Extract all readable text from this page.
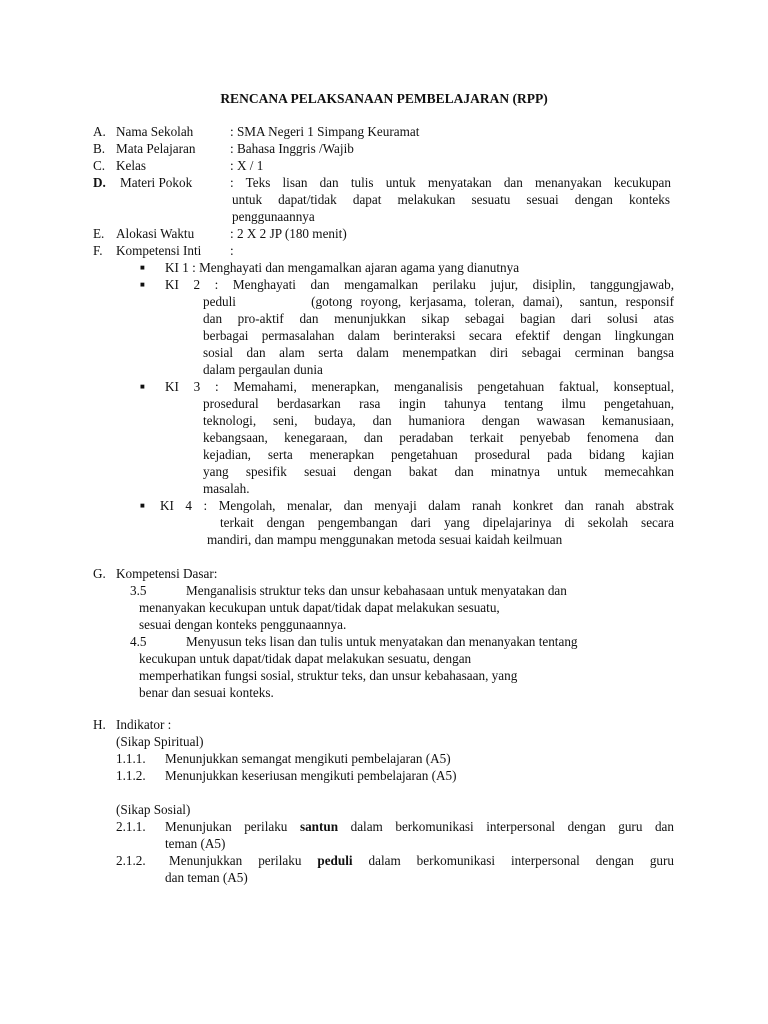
RENCANA PELAKSANAAN PEMBELAJARAN (RPP)
A. Nama Sekolah	: SMA Negeri 1 Simpang Keuramat
B. Mata Pelajaran	: Bahasa Inggris /Wajib
C. Kelas	: X / 1
D. Materi Pokok	: Teks lisan dan tulis untuk menyatakan dan menanyakan kecukupan
untuk dapat/tidak dapat melakukan sesuatu sesuai dengan konteks
penggunaannya
E. Alokasi Waktu	: 2 X 2 JP (180 menit)
F. Kompetensi Inti :
■ KI 1 : Menghayati dan mengamalkan ajaran agama yang dianutnya
■ KI 2 : Menghayati dan mengamalkan perilaku jujur, disiplin, tanggungjawab,
peduli         (gotong royong, kerjasama, toleran, damai),  santun, responsif
dan pro-aktif dan menunjukkan sikap sebagai bagian dari solusi atas
berbagai permasalahan dalam berinteraksi secara efektif dengan lingkungan
sosial dan alam serta dalam menempatkan diri sebagai cerminan bangsa
dalam pergaulan dunia
■ KI 3 : Memahami, menerapkan, menganalisis pengetahuan faktual, konseptual,
prosedural berdasarkan rasa ingin tahunya tentang ilmu pengetahuan,
teknologi, seni, budaya, dan humaniora dengan wawasan kemanusiaan,
kebangsaan, kenegaraan, dan peradaban terkait penyebab fenomena dan
kejadian, serta menerapkan pengetahuan prosedural pada bidang kajian
yang spesifik sesuai dengan bakat dan minatnya untuk memecahkan
masalah.
■ KI 4 : Mengolah, menalar, dan menyaji dalam ranah konkret dan ranah abstrak
terkait dengan pengembangan dari yang dipelajarinya di sekolah secara
mandiri, dan mampu menggunakan metoda sesuai kaidah keilmuan
G. Kompetensi Dasar:
3.5	Menganalisis struktur teks dan unsur kebahasaan untuk menyatakan dan
menanyakan kecukupan untuk dapat/tidak dapat melakukan sesuatu,
sesuai dengan konteks penggunaannya.
4.5	Menyusun teks lisan dan tulis untuk menyatakan dan menanyakan tentang
kecukupan untuk dapat/tidak dapat melakukan sesuatu, dengan
memperhatikan fungsi sosial, struktur teks, dan unsur kebahasaan, yang
benar dan sesuai konteks.
H. Indikator :
(Sikap Spiritual)
1.1.1. Menunjukkan semangat mengikuti pembelajaran (A5)
1.1.2. Menunjukkan keseriusan mengikuti pembelajaran (A5)
(Sikap Sosial)
2.1.1. Menunjukan perilaku santun dalam berkomunikasi interpersonal dengan guru dan
teman (A5)
2.1.2. Menunjukkan perilaku peduli dalam berkomunikasi interpersonal dengan guru
dan teman (A5)
